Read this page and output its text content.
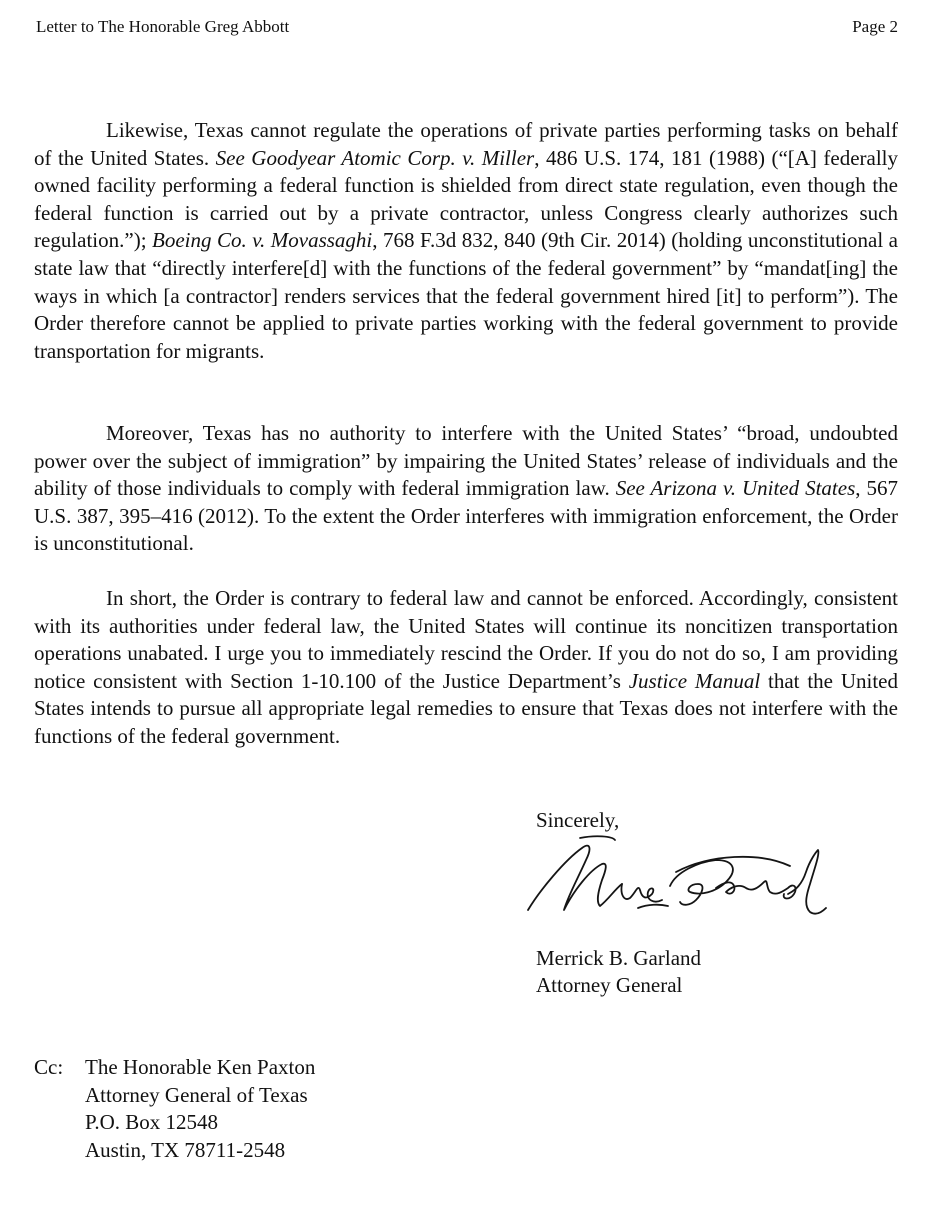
Letter to The Honorable Greg Abbott	Page 2

Likewise, Texas cannot regulate the operations of private parties performing tasks on behalf of the United States. See Goodyear Atomic Corp. v. Miller, 486 U.S. 174, 181 (1988) (“[A] federally owned facility performing a federal function is shielded from direct state regulation, even though the federal function is carried out by a private contractor, unless Congress clearly authorizes such regulation.”); Boeing Co. v. Movassaghi, 768 F.3d 832, 840 (9th Cir. 2014) (holding unconstitutional a state law that “directly interfere[d] with the functions of the federal government” by “mandat[ing] the ways in which [a contractor] renders services that the federal government hired [it] to perform”). The Order therefore cannot be applied to private parties working with the federal government to provide transportation for migrants.

Moreover, Texas has no authority to interfere with the United States’ “broad, undoubted power over the subject of immigration” by impairing the United States’ release of individuals and the ability of those individuals to comply with federal immigration law. See Arizona v. United States, 567 U.S. 387, 395–416 (2012). To the extent the Order interferes with immigration enforcement, the Order is unconstitutional.

In short, the Order is contrary to federal law and cannot be enforced. Accordingly, consistent with its authorities under federal law, the United States will continue its noncitizen transportation operations unabated. I urge you to immediately rescind the Order. If you do not do so, I am providing notice consistent with Section 1-10.100 of the Justice Department’s Justice Manual that the United States intends to pursue all appropriate legal remedies to ensure that Texas does not interfere with the functions of the federal government.

Sincerely,
Merrick B. Garland
Attorney General
Cc:	The Honorable Ken Paxton
Attorney General of Texas
P.O. Box 12548
Austin, TX 78711-2548
